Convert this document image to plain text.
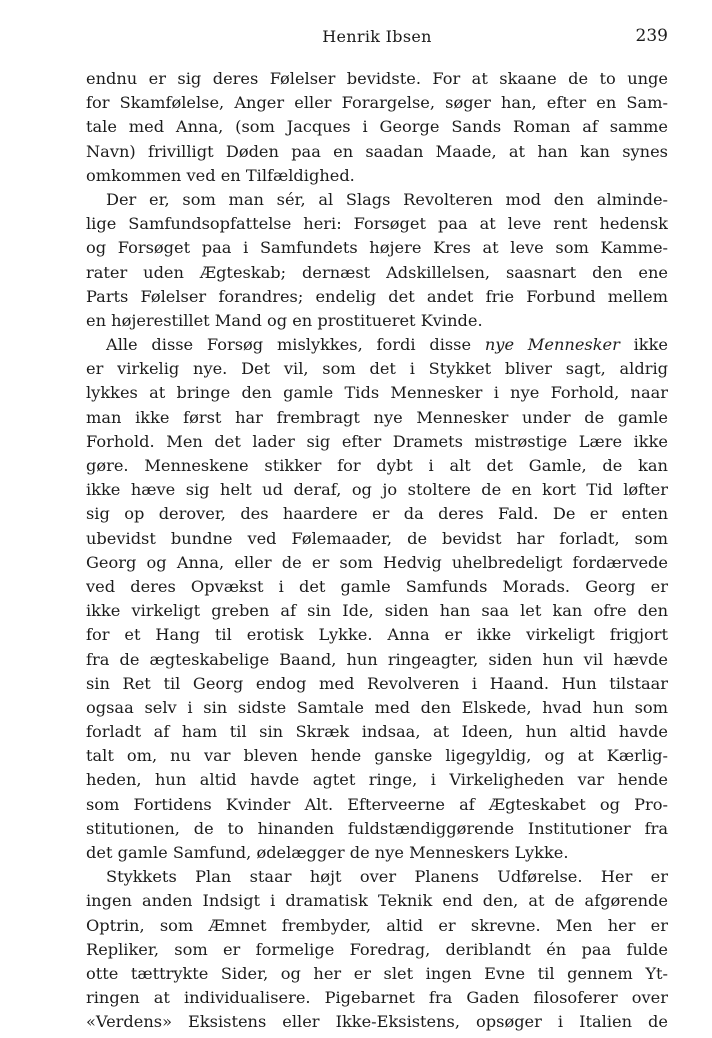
Henrik Ibsen	239
endnu er sig deres Følelser bevidste. For at skaane de to unge
for Skamfølelse, Anger eller Forargelse, søger han, efter en Sam-
tale med Anna, (som Jacques i George Sands Roman af samme
Navn) frivilligt Døden paa en saadan Maade, at han kan synes
omkommen ved en Tilfældighed.
Der er, som man sér, al Slags Revolteren mod den alminde-
lige Samfundsopfattelse heri: Forsøget paa at leve rent hedensk
og Forsøget paa i Samfundets højere Kres at leve som Kamme-
rater uden Ægteskab; dernæst Adskillelsen, saasnart den ene
Parts Følelser forandres; endelig det andet frie Forbund mellem
en højerestillet Mand og en prostitueret Kvinde.
Alle disse Forsøg mislykkes, fordi disse nye Mennesker ikke
er virkelig nye. Det vil, som det i Stykket bliver sagt, aldrig
lykkes at bringe den gamle Tids Mennesker i nye Forhold, naar
man ikke først har frembragt nye Mennesker under de gamle
Forhold. Men det lader sig efter Dramets mistrøstige Lære ikke
gøre. Menneskene stikker for dybt i alt det Gamle, de kan
ikke hæve sig helt ud deraf, og jo stoltere de en kort Tid løfter
sig op derover, des haardere er da deres Fald. De er enten
ubevidst bundne ved Følemaader, de bevidst har forladt, som
Georg og Anna, eller de er som Hedvig uhelbredeligt fordærvede
ved deres Opvækst i det gamle Samfunds Morads. Georg er
ikke virkeligt greben af sin Ide, siden han saa let kan ofre den
for et Hang til erotisk Lykke. Anna er ikke virkeligt frigjort
fra de ægteskabelige Baand, hun ringeagter, siden hun vil hævde
sin Ret til Georg endog med Revolveren i Haand. Hun tilstaar
ogsaa selv i sin sidste Samtale med den Elskede, hvad hun som
forladt af ham til sin Skræk indsaa, at Ideen, hun altid havde
talt om, nu var bleven hende ganske ligegyldig, og at Kærlig-
heden, hun altid havde agtet ringe, i Virkeligheden var hende
som Fortidens Kvinder Alt. Efterveerne af Ægteskabet og Pro-
stitutionen, de to hinanden fuldstændiggørende Institutioner fra
det gamle Samfund, ødelægger de nye Menneskers Lykke.
Stykkets Plan staar højt over Planens Udførelse. Her er
ingen anden Indsigt i dramatisk Teknik end den, at de afgørende
Optrin, som Æmnet frembyder, altid er skrevne. Men her er
Repliker, som er formelige Foredrag, deriblandt én paa fulde
otte tættrykte Sider, og her er slet ingen Evne til gennem Yt-
ringen at individualisere. Pigebarnet fra Gaden filosoferer over
«Verdens» Eksistens eller Ikke-Eksistens, opsøger i Italien de
